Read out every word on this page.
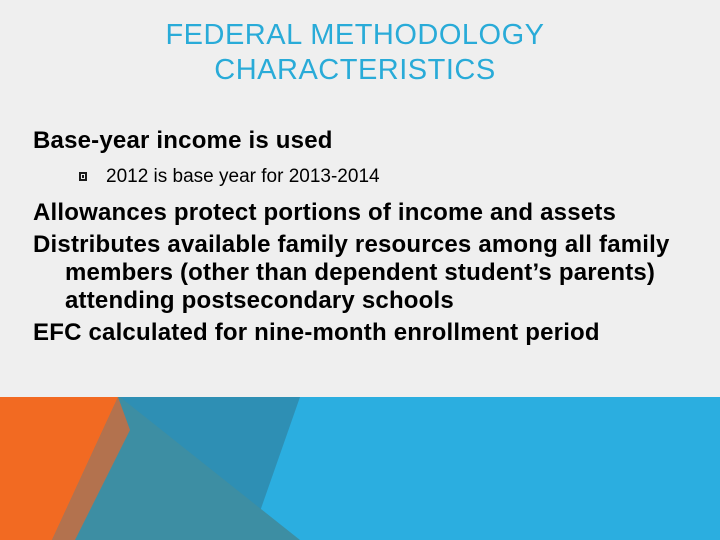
FEDERAL METHODOLOGY
CHARACTERISTICS
Base-year income is used
2012 is base year for 2013-2014
Allowances protect portions of income and assets
Distributes available family resources among all family members (other than dependent student’s parents) attending postsecondary schools
EFC calculated for nine-month enrollment period
